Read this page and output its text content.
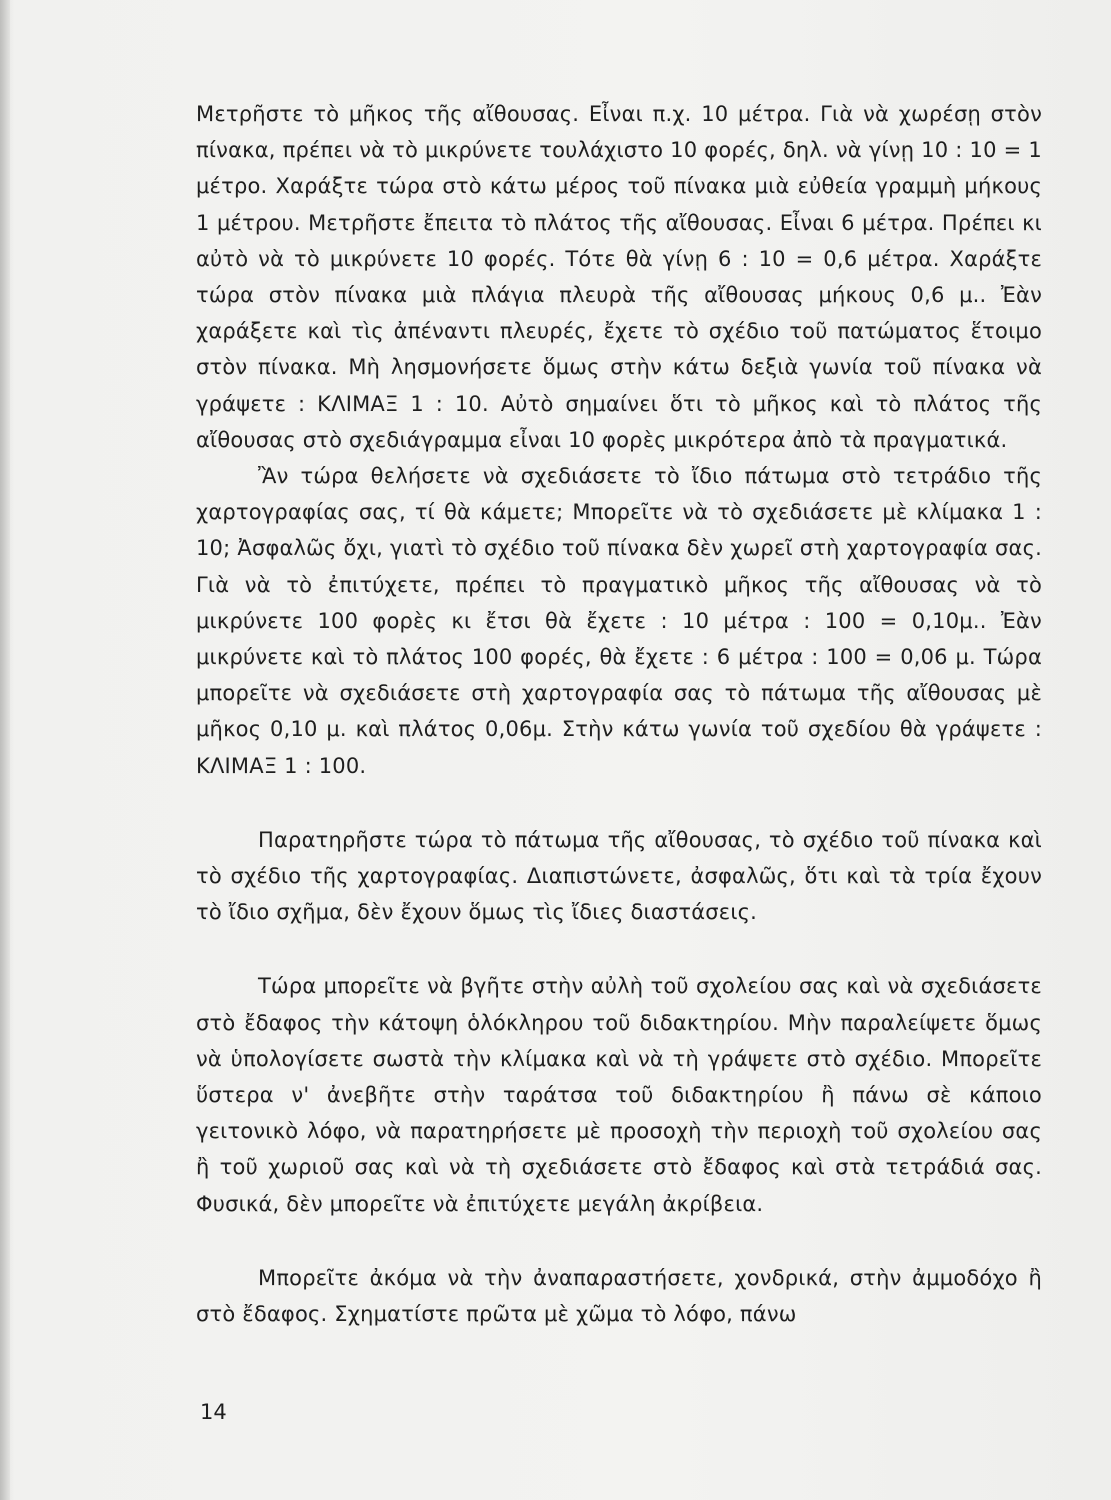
Μετρῆστε τὸ μῆκος τῆς αἴθουσας. Εἶναι π.χ. 10 μέτρα. Γιὰ νὰ χωρέσῃ στὸν πίνακα, πρέπει νὰ τὸ μικρύνετε τουλάχιστο 10 φορές, δηλ. νὰ γίνῃ 10 : 10 = 1 μέτρο. Χαράξτε τώρα στὸ κάτω μέρος τοῦ πίνακα μιὰ εὐθεία γραμμὴ μήκους 1 μέτρου. Μετρῆστε ἔπειτα τὸ πλάτος τῆς αἴθουσας. Εἶναι 6 μέτρα. Πρέπει κι αὐτὸ νὰ τὸ μικρύνετε 10 φορές. Τότε θὰ γίνῃ 6 : 10 = 0,6 μέτρα. Χαράξτε τώρα στὸν πίνακα μιὰ πλάγια πλευρὰ τῆς αἴθουσας μήκους 0,6 μ.. Ἐὰν χαράξετε καὶ τὶς ἀπέναντι πλευρές, ἔχετε τὸ σχέδιο τοῦ πατώματος ἕτοιμο στὸν πίνακα. Μὴ λησμονήσετε ὅμως στὴν κάτω δεξιὰ γωνία τοῦ πίνακα νὰ γράψετε : ΚΛΙΜΑΞ 1 : 10. Αὐτὸ σημαίνει ὅτι τὸ μῆκος καὶ τὸ πλάτος τῆς αἴθουσας στὸ σχεδιάγραμμα εἶναι 10 φορὲς μικρότερα ἀπὸ τὰ πραγματικά.

Ἂν τώρα θελήσετε νὰ σχεδιάσετε τὸ ἴδιο πάτωμα στὸ τετράδιο τῆς χαρτογραφίας σας, τί θὰ κάμετε; Μπορεῖτε νὰ τὸ σχεδιάσετε μὲ κλίμακα 1 : 10; Ἀσφαλῶς ὄχι, γιατὶ τὸ σχέδιο τοῦ πίνακα δὲν χωρεῖ στὴ χαρτογραφία σας. Γιὰ νὰ τὸ ἐπιτύχετε, πρέπει τὸ πραγματικὸ μῆκος τῆς αἴθουσας νὰ τὸ μικρύνετε 100 φορὲς κι ἔτσι θὰ ἔχετε : 10 μέτρα : 100 = 0,10μ.. Ἐὰν μικρύνετε καὶ τὸ πλάτος 100 φορές, θὰ ἔχετε : 6 μέτρα : 100 = 0,06 μ. Τώρα μπορεῖτε νὰ σχεδιάσετε στὴ χαρτογραφία σας τὸ πάτωμα τῆς αἴθουσας μὲ μῆκος 0,10 μ. καὶ πλάτος 0,06μ. Στὴν κάτω γωνία τοῦ σχεδίου θὰ γράψετε : ΚΛΙΜΑΞ 1 : 100.

Παρατηρῆστε τώρα τὸ πάτωμα τῆς αἴθουσας, τὸ σχέδιο τοῦ πίνακα καὶ τὸ σχέδιο τῆς χαρτογραφίας. Διαπιστώνετε, ἀσφαλῶς, ὅτι καὶ τὰ τρία ἔχουν τὸ ἴδιο σχῆμα, δὲν ἔχουν ὅμως τὶς ἴδιες διαστάσεις.

Τώρα μπορεῖτε νὰ βγῆτε στὴν αὐλὴ τοῦ σχολείου σας καὶ νὰ σχεδιάσετε στὸ ἔδαφος τὴν κάτοψη ὁλόκληρου τοῦ διδακτηρίου. Μὴν παραλείψετε ὅμως νὰ ὑπολογίσετε σωστὰ τὴν κλίμακα καὶ νὰ τὴ γράψετε στὸ σχέδιο. Μπορεῖτε ὕστερα ν' ἀνεβῆτε στὴν ταράτσα τοῦ διδακτηρίου ἢ πάνω σὲ κάποιο γειτονικὸ λόφο, νὰ παρατηρήσετε μὲ προσοχὴ τὴν περιοχὴ τοῦ σχολείου σας ἢ τοῦ χωριοῦ σας καὶ νὰ τὴ σχεδιάσετε στὸ ἔδαφος καὶ στὰ τετράδιά σας. Φυσικά, δὲν μπορεῖτε νὰ ἐπιτύχετε μεγάλη ἀκρίβεια.

Μπορεῖτε ἀκόμα νὰ τὴν ἀναπαραστήσετε, χονδρικά, στὴν ἀμμοδόχο ἢ στὸ ἔδαφος. Σχηματίστε πρῶτα μὲ χῶμα τὸ λόφο, πάνω

14
